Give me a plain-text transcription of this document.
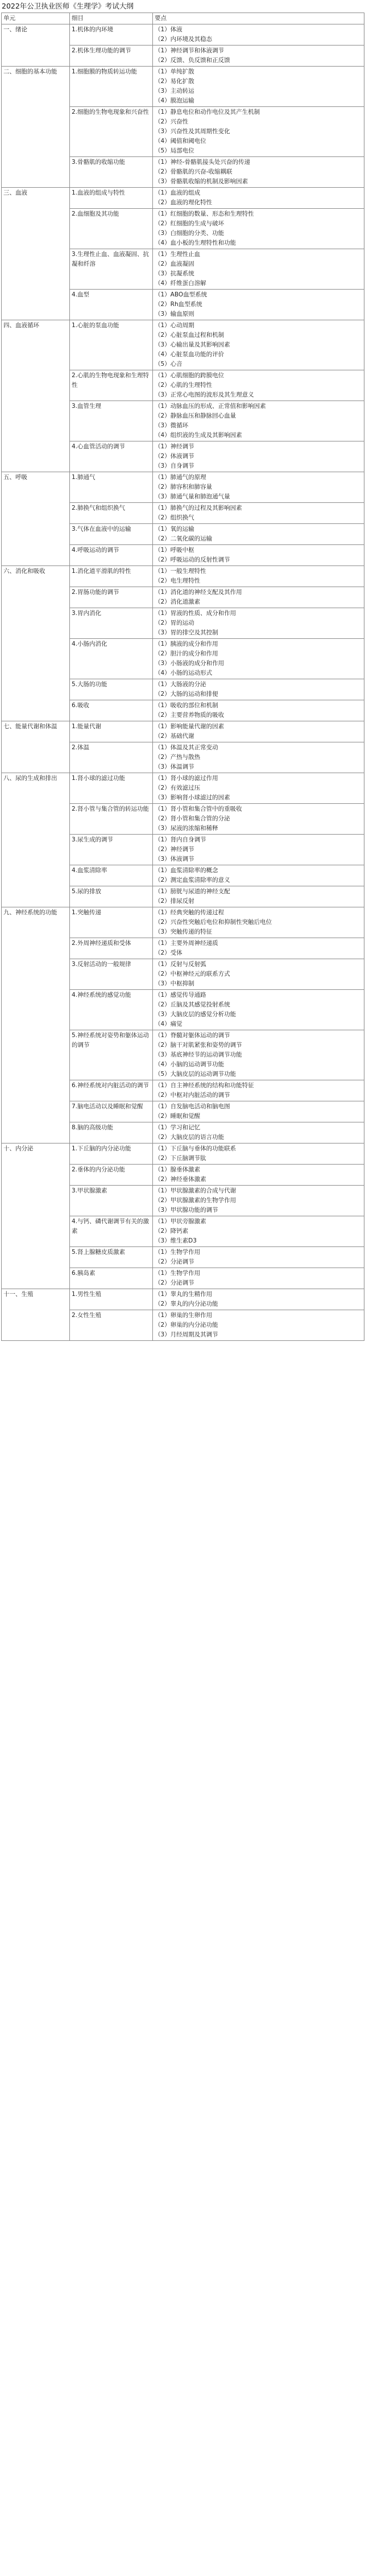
2022年公卫执业医师《生理学》考试大纲
单元	细目	要点
一、绪论	1.机体的内环境	（1）体液
（2）内环境及其稳态

	2.机体生理功能的调节	（1）神经调节和体液调节
（2）反馈、负反馈和正反馈

二、细胞的基本功能	1.细胞膜的物质转运功能	（1）单纯扩散
（2）易化扩散
（3）主动转运
（4）膜泡运输

	2.细胞的生物电现象和兴奋性	（1）静息电位和动作电位及其产生机制
（2）兴奋性
（3）兴奋性及其周期性变化
（4）阈值和阈电位
（5）局部电位

	3.骨骼肌的收缩功能	（1）神经-骨骼肌接头处兴奋的传递
（2）骨骼肌的兴奋-收缩耦联
（3）骨骼肌收缩的机制及影响因素

三、血液	1.血液的组成与特性	（1）血液的组成
（2）血液的理化特性

	2.血细胞及其功能	（1）红细胞的数量、形态和生理特性
（2）红细胞的生成与破坏
（3）白细胞的分类、功能
（4）血小板的生理特性和功能

	3.生理性止血、血液凝固、抗凝和纤溶	（1）生理性止血
（2）血液凝固
（3）抗凝系统
（4）纤维蛋白溶解

	4.血型	（1）ABO血型系统
（2）Rh血型系统
（3）输血原则

四、血液循环	1.心脏的泵血功能	（1）心动周期
（2）心脏泵血过程和机制
（3）心输出量及其影响因素
（4）心脏泵血功能的评价
（5）心音

	2.心肌的生物电现象和生理特性	（1）心肌细胞的跨膜电位
（2）心肌的生理特性
（3）正常心电图的波形及其生理意义

	3.血管生理	（1）动脉血压的形成、正常值和影响因素
（2）静脉血压和静脉回心血量
（3）微循环
（4）组织液的生成及其影响因素

	4.心血管活动的调节	（1）神经调节
（2）体液调节
（3）自身调节

五、呼吸	1.肺通气	（1）肺通气的原理
（2）肺容积和肺容量
（3）肺通气量和肺泡通气量

	2.肺换气和组织换气	（1）肺换气的过程及其影响因素
（2）组织换气

	3.气体在血液中的运输	（1）氧的运输
（2）二氧化碳的运输

	4.呼吸运动的调节	（1）呼吸中枢
（2）呼吸运动的反射性调节

六、消化和吸收	1.消化道平滑肌的特性	（1）一般生理特性
（2）电生理特性

	2.胃肠功能的调节	（1）消化道的神经支配及其作用
（2）消化道激素

	3.胃内消化	（1）胃液的性质、成分和作用
（2）胃的运动
（3）胃的排空及其控制

	4.小肠内消化	（1）胰液的成分和作用
（2）胆汁的成分和作用
（3）小肠液的成分和作用
（4）小肠的运动形式

	5.大肠的功能	（1）大肠液的分泌
（2）大肠的运动和排便

	6.吸收	（1）吸收的部位和机制
（2）主要营养物质的吸收

七、能量代谢和体温	1.能量代谢	（1）影响能量代谢的因素
（2）基础代谢

	2.体温	（1）体温及其正常变动
（2）产热与散热
（3）体温调节

八、尿的生成和排出	1.肾小球的滤过功能	（1）肾小球的滤过作用
（2）有效滤过压
（3）影响肾小球滤过的因素

	2.肾小管与集合管的转运功能	（1）肾小管和集合管中的重吸收
（2）肾小管和集合管的分泌
（3）尿液的浓缩和稀释

	3.尿生成的调节	（1）肾内自身调节
（2）神经调节
（3）体液调节

	4.血浆清除率	（1）血浆清除率的概念
（2）测定血浆清除率的意义

	5.尿的排放	（1）膀胱与尿道的神经支配
（2）排尿反射

九、神经系统的功能	1.突触传递	（1）经典突触的传递过程
（2）兴奋性突触后电位和抑制性突触后电位
（3）突触传递的特征

	2.外周神经递质和受体	（1）主要外周神经递质
（2）受体

	3.反射活动的一般规律	（1）反射与反射弧
（2）中枢神经元的联系方式
（3）中枢抑制

	4.神经系统的感觉功能	（1）感觉传导通路
（2）丘脑及其感觉投射系统
（3）大脑皮层的感觉分析功能
（4）痛觉

	5.神经系统对姿势和躯体运动的调节	（1）脊髓对躯体运动的调节
（2）脑干对肌紧张和姿势的调节
（3）基底神经节的运动调节功能
（4）小脑的运动调节功能
（5）大脑皮层的运动调节功能

	6.神经系统对内脏活动的调节	（1）自主神经系统的结构和功能特征
（2）中枢对内脏活动的调节

	7.脑电活动以及睡眠和觉醒	（1）自发脑电活动和脑电图
（2）睡眠和觉醒

	8.脑的高级功能	（1）学习和记忆
（2）大脑皮层的语言功能

十、内分泌	1.下丘脑的内分泌功能	（1）下丘脑与垂体的功能联系
（2）下丘脑调节肽

	2.垂体的内分泌功能	（1）腺垂体激素
（2）神经垂体激素

	3.甲状腺激素	（1）甲状腺激素的合成与代谢
（2）甲状腺激素的生物学作用
（3）甲状腺功能的调节

	4.与钙、磷代谢调节有关的激素	（1）甲状旁腺激素
（2）降钙素
（3）维生素D3

	5.肾上腺糖皮质激素	（1）生物学作用
（2）分泌调节

	6.胰岛素	（1）生物学作用
（2）分泌调节

十一、生殖	1.男性生殖	（1）睾丸的生精作用
（2）睾丸的内分泌功能

	2.女性生殖	（1）卵巢的生卵作用
（2）卵巢的内分泌功能
（3）月经周期及其调节
